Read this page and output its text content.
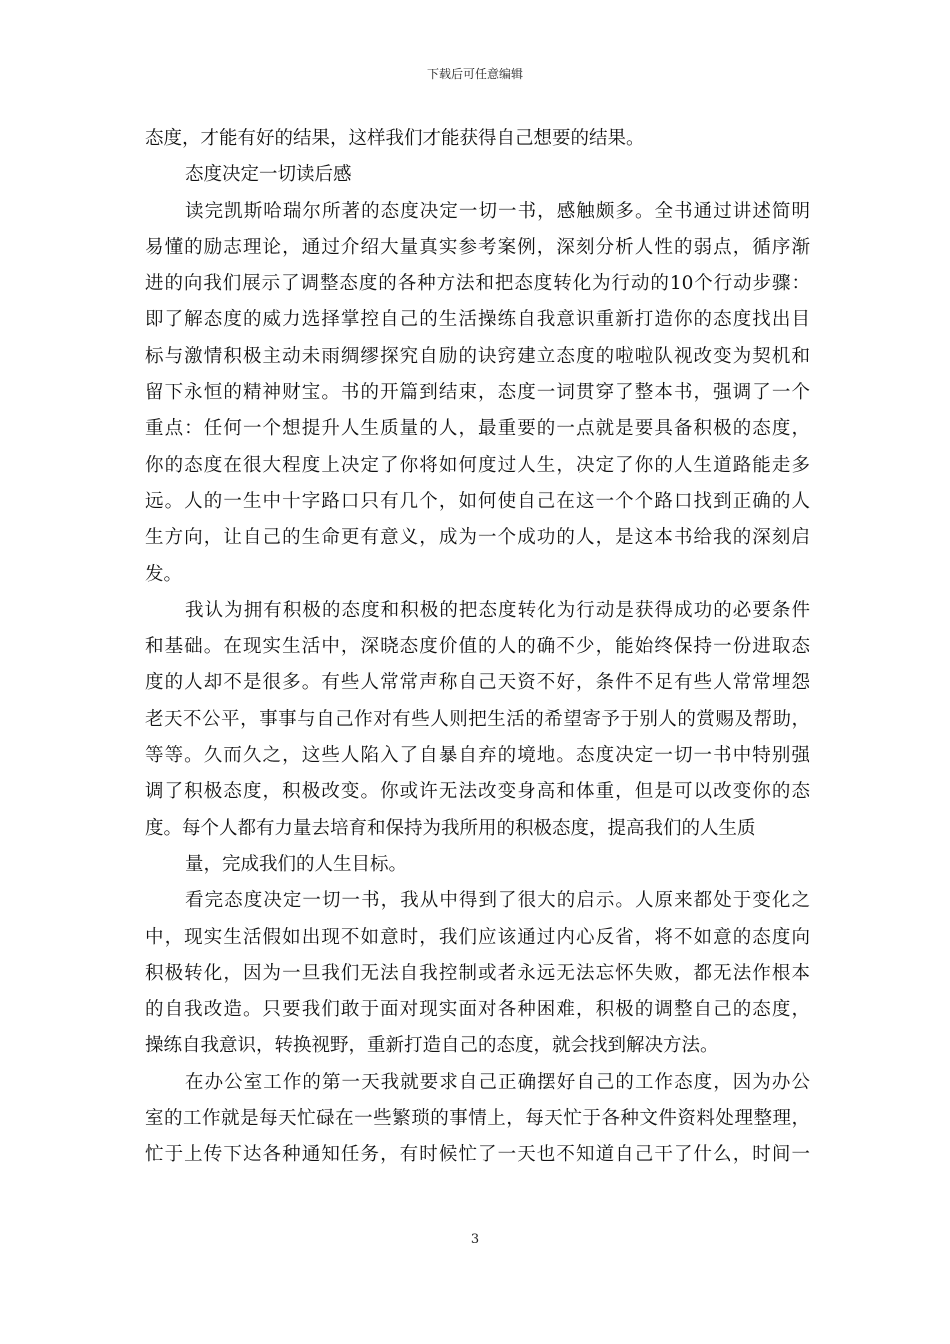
下载后可任意编辑
态度，才能有好的结果，这样我们才能获得自己想要的结果。
态度决定一切读后感
读完凯斯哈瑞尔所著的态度决定一切一书，感触颇多。全书通过讲述简明
易懂的励志理论，通过介绍大量真实参考案例，深刻分析人性的弱点，循序渐
进的向我们展示了调整态度的各种方法和把态度转化为行动的10个行动步骤：
即了解态度的威力选择掌控自己的生活操练自我意识重新打造你的态度找出目
标与激情积极主动未雨绸缪探究自励的诀窍建立态度的啦啦队视改变为契机和
留下永恒的精神财宝。书的开篇到结束，态度一词贯穿了整本书，强调了一个
重点：任何一个想提升人生质量的人，最重要的一点就是要具备积极的态度，
你的态度在很大程度上决定了你将如何度过人生，决定了你的人生道路能走多
远。人的一生中十字路口只有几个，如何使自己在这一个个路口找到正确的人
生方向，让自己的生命更有意义，成为一个成功的人，是这本书给我的深刻启
发。
我认为拥有积极的态度和积极的把态度转化为行动是获得成功的必要条件
和基础。在现实生活中，深晓态度价值的人的确不少，能始终保持一份进取态
度的人却不是很多。有些人常常声称自己天资不好，条件不足有些人常常埋怨
老天不公平，事事与自己作对有些人则把生活的希望寄予于别人的赏赐及帮助，
等等。久而久之，这些人陷入了自暴自弃的境地。态度决定一切一书中特别强
调了积极态度，积极改变。你或许无法改变身高和体重，但是可以改变你的态
度。每个人都有力量去培育和保持为我所用的积极态度，提高我们的人生质
量，完成我们的人生目标。
看完态度决定一切一书，我从中得到了很大的启示。人原来都处于变化之
中，现实生活假如出现不如意时，我们应该通过内心反省，将不如意的态度向
积极转化，因为一旦我们无法自我控制或者永远无法忘怀失败，都无法作根本
的自我改造。只要我们敢于面对现实面对各种困难，积极的调整自己的态度，
操练自我意识，转换视野，重新打造自己的态度，就会找到解决方法。
在办公室工作的第一天我就要求自己正确摆好自己的工作态度，因为办公
室的工作就是每天忙碌在一些繁琐的事情上，每天忙于各种文件资料处理整理，
忙于上传下达各种通知任务，有时候忙了一天也不知道自己干了什么，时间一
3
